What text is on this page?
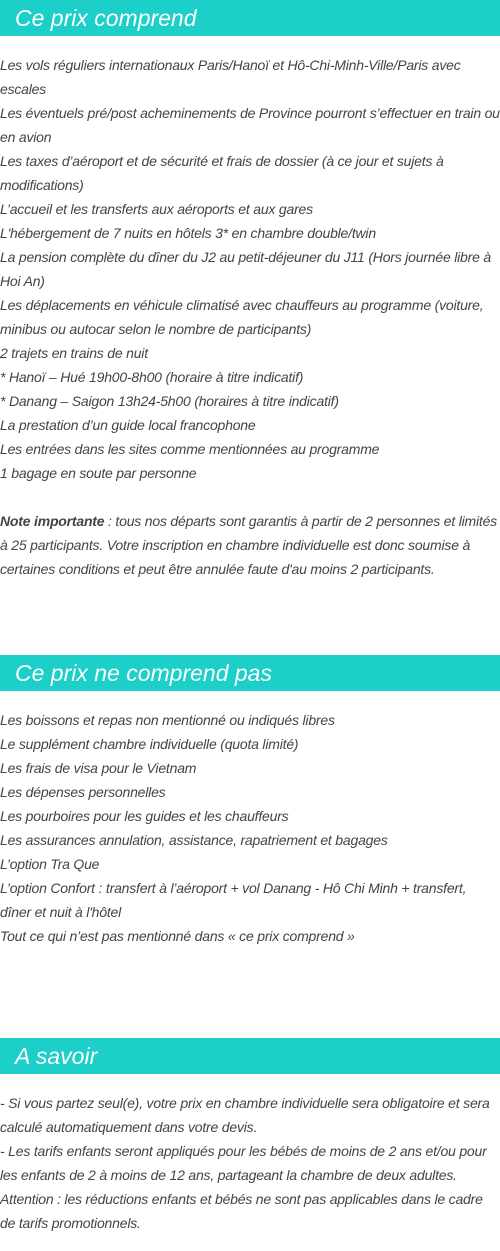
Ce prix comprend

Les vols réguliers internationaux Paris/Hanoï et Hô-Chi-Minh-Ville/Paris avec escales

Les éventuels pré/post acheminements de Province pourront s’effectuer en train ou en avion

Les taxes d’aéroport et de sécurité et frais de dossier (à ce jour et sujets à modifications)

L’accueil et les transferts aux aéroports et aux gares

L'hébergement de 7 nuits en hôtels 3* en chambre double/twin

La pension complète du dîner du J2 au petit-déjeuner du J11 (Hors journée libre à Hoi An)

Les déplacements en véhicule climatisé avec chauffeurs au programme (voiture, minibus ou autocar selon le nombre de participants)

2 trajets en trains de nuit

* Hanoï – Hué 19h00-8h00 (horaire à titre indicatif)

* Danang – Saigon 13h24-5h00 (horaires à titre indicatif)

La prestation d’un guide local francophone

Les entrées dans les sites comme mentionnées au programme

1 bagage en soute par personne

Note importante : tous nos départs sont garantis à partir de 2 personnes et limités à 25 participants. Votre inscription en chambre individuelle est donc soumise à certaines conditions et peut être annulée faute d'au moins 2 participants.

Ce prix ne comprend pas

Les boissons et repas non mentionné ou indiqués libres

Le supplément chambre individuelle (quota limité)

Les frais de visa pour le Vietnam

Les dépenses personnelles

Les pourboires pour les guides et les chauffeurs

Les assurances annulation, assistance, rapatriement et bagages

L’option Tra Que

L’option Confort : transfert à l’aéroport + vol Danang - Hô Chi Minh + transfert, dîner et nuit à l'hôtel

Tout ce qui n’est pas mentionné dans « ce prix comprend »

A savoir

- Si vous partez seul(e), votre prix en chambre individuelle sera obligatoire et sera calculé automatiquement dans votre devis.

- Les tarifs enfants seront appliqués pour les bébés de moins de 2 ans et/ou pour les enfants de 2 à moins de 12 ans, partageant la chambre de deux adultes.

Attention : les réductions enfants et bébés ne sont pas applicables dans le cadre de tarifs promotionnels.
